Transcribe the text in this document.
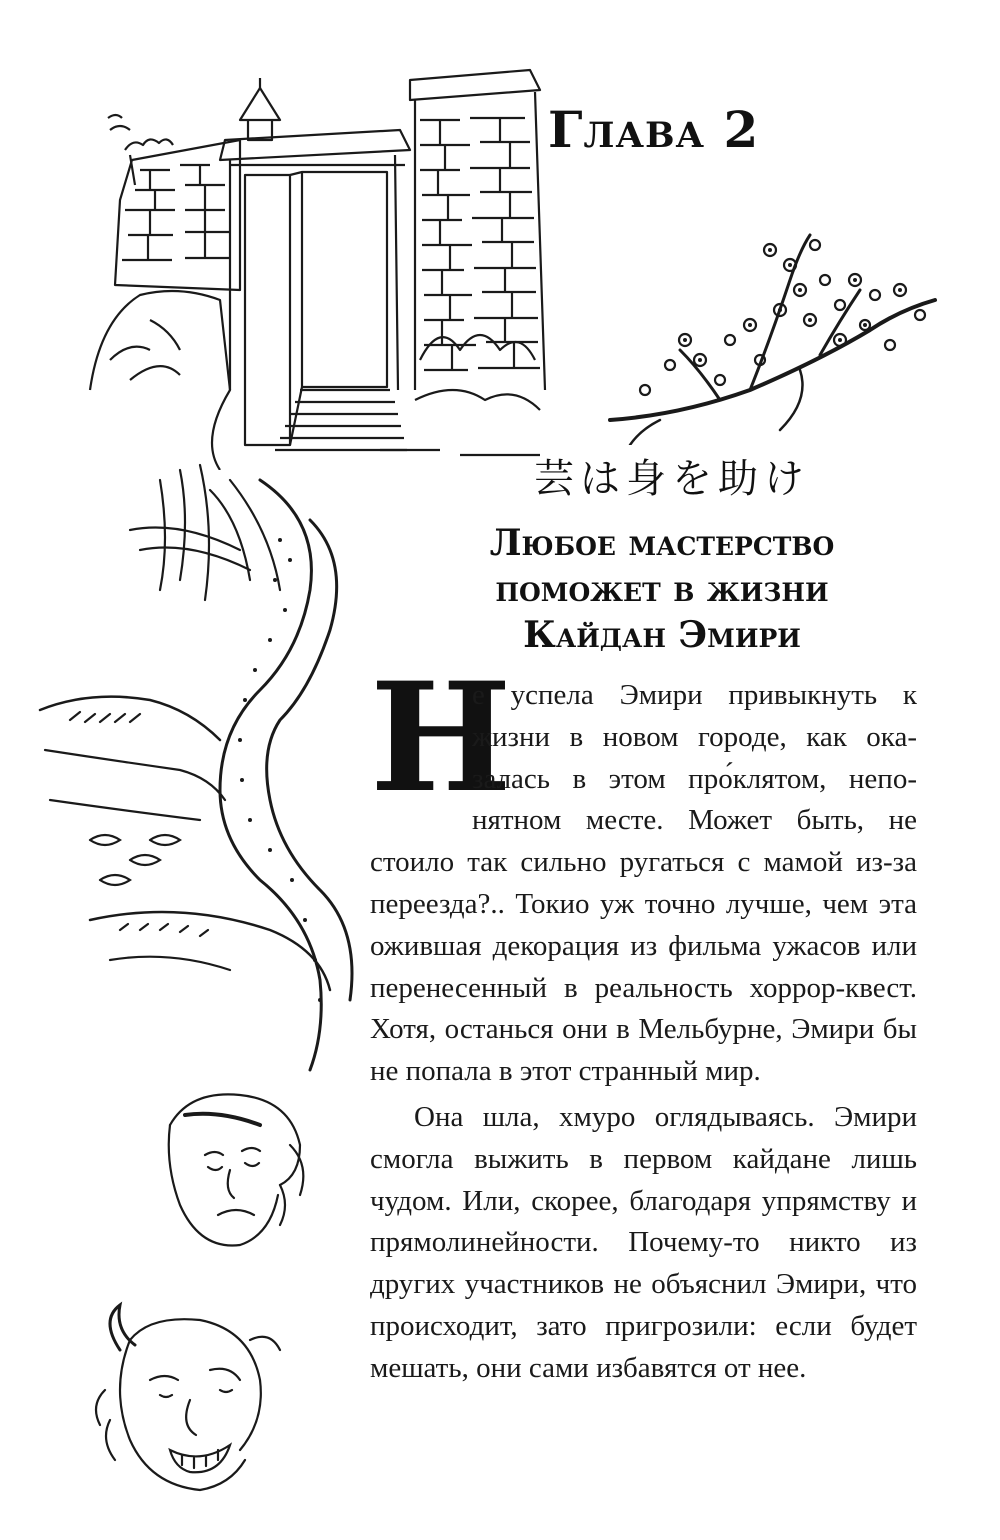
Глава 2
芸は身を助け
Любое мастерство
поможет в жизни
Кайдан Эмири

Н
е успела Эмири привыкнуть к жизни в новом городе, как оказалась в этом про́клятом, непонятном месте. Может быть, не стоило так сильно ругаться с мамой из-за переезда?.. Токио уж точно лучше, чем эта ожившая декорация из фильма ужасов или перенесенный в реальность хоррор-квест. Хотя, останься они в Мельбурне, Эмири бы не попала в этот странный мир.

Она шла, хмуро оглядываясь. Эмири смогла выжить в первом кайдане лишь чудом. Или, скорее, благодаря упрямству и прямолинейности. Почему-то никто из других участников не объяснил Эмири, что происходит, зато пригрозили: если будет мешать, они сами избавятся от нее.
